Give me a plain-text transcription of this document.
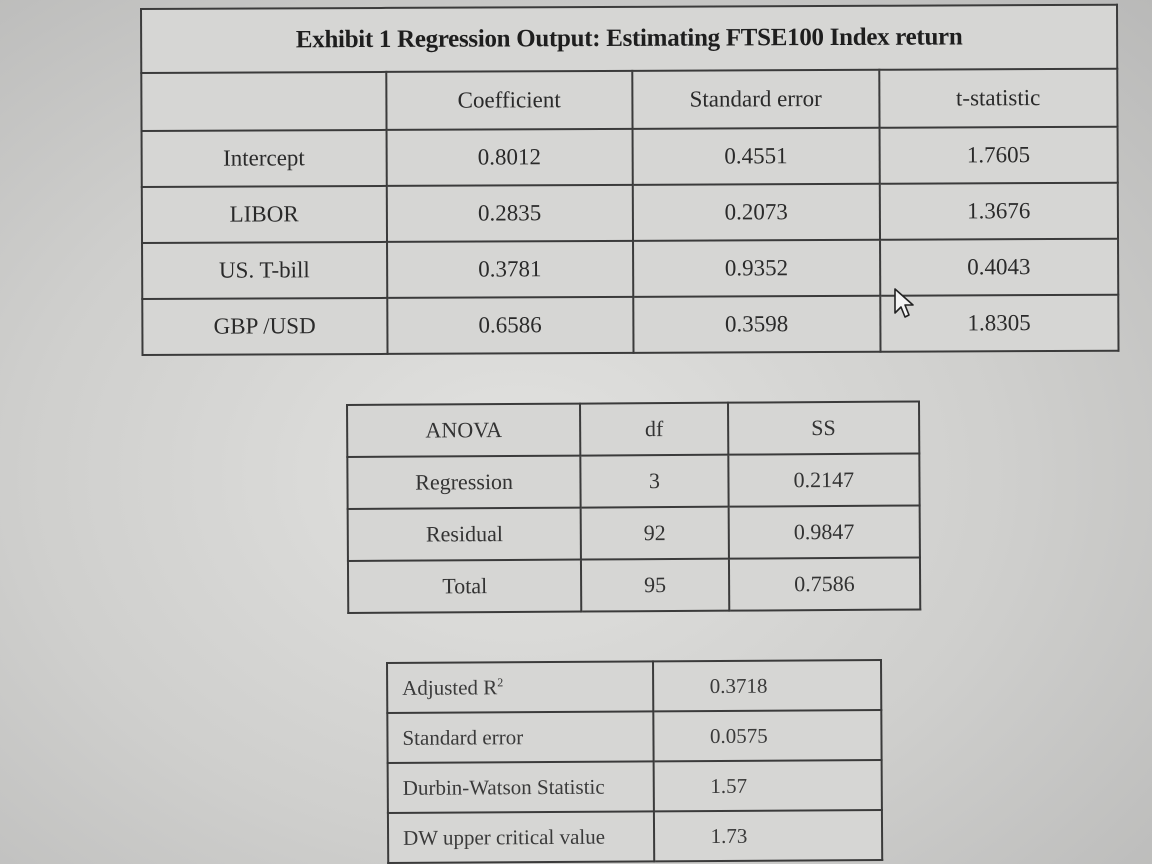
Exhibit 1 Regression Output: Estimating FTSE100 Index return			
	Coefficient	Standard error	t-statistic
Intercept	0.8012	0.4551	1.7605
LIBOR	0.2835	0.2073	1.3676
US. T-bill	0.3781	0.9352	0.4043
GBP /USD	0.6586	0.3598	1.8305
ANOVA	df	SS
Regression	3	0.2147
Residual	92	0.9847
Total	95	0.7586
Adjusted $R^2$	0.3718
Standard error	0.0575
Durbin-Watson Statistic	1.57
DW upper critical value	1.73
